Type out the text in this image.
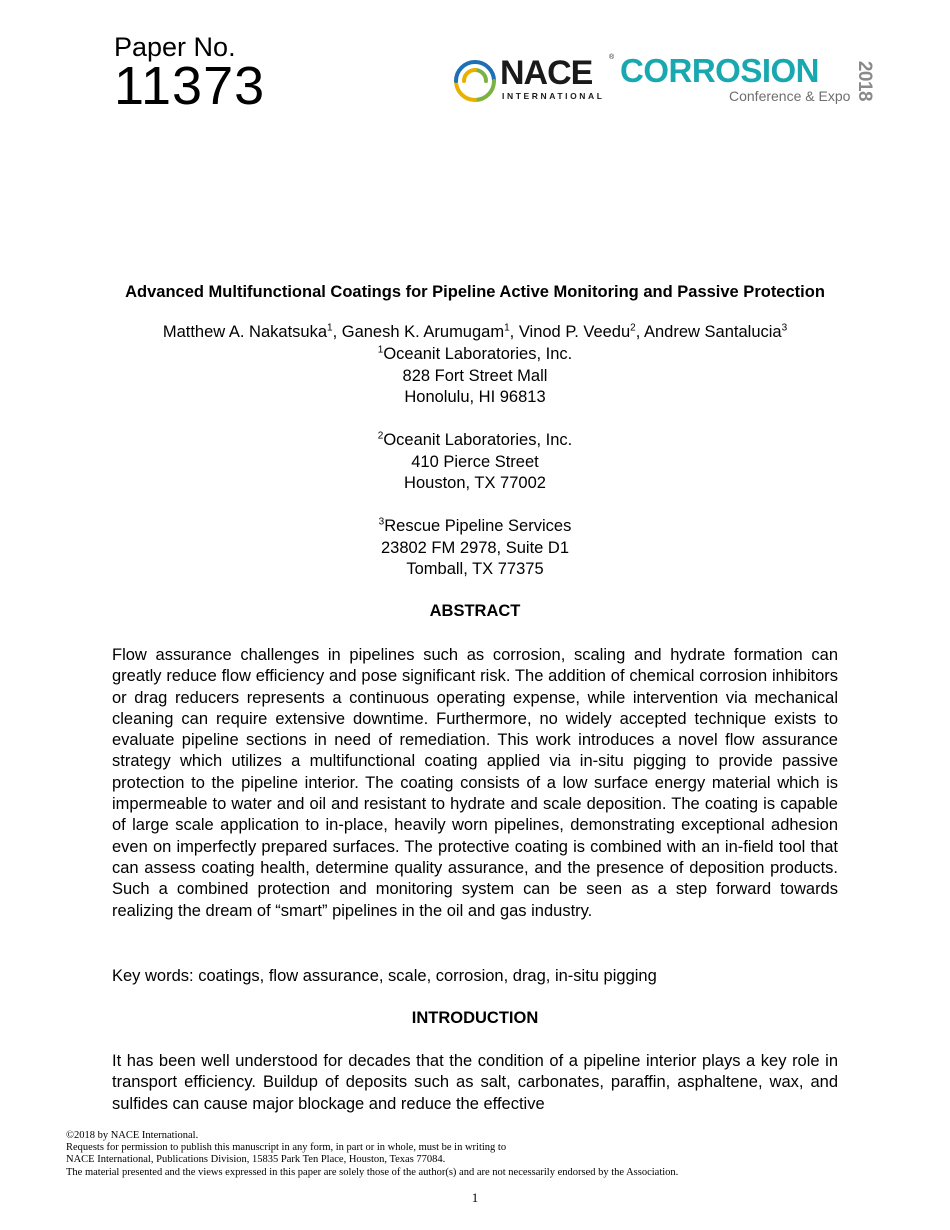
Paper No.
11373	NACE ®
INTERNATIONAL
CORROSION
Conference & Expo 2018
Advanced Multifunctional Coatings for Pipeline Active Monitoring and Passive Protection
Matthew A. Nakatsuka$^1$, Ganesh K. Arumugam$^1$, Vinod P. Veedu$^2$, Andrew Santalucia$^3$
$^1$Oceanit Laboratories, Inc.
828 Fort Street Mall
Honolulu, HI 96813
$^2$Oceanit Laboratories, Inc.
410 Pierce Street
Houston, TX 77002
$^3$Rescue Pipeline Services
23802 FM 2978, Suite D1
Tomball, TX 77375
ABSTRACT
Flow assurance challenges in pipelines such as corrosion, scaling and hydrate formation can greatly reduce flow efficiency and pose significant risk. The addition of chemical corrosion inhibitors or drag reducers represents a continuous operating expense, while intervention via mechanical cleaning can require extensive downtime. Furthermore, no widely accepted technique exists to evaluate pipeline sections in need of remediation. This work introduces a novel flow assurance strategy which utilizes a multifunctional coating applied via in-situ pigging to provide passive protection to the pipeline interior. The coating consists of a low surface energy material which is impermeable to water and oil and resistant to hydrate and scale deposition. The coating is capable of large scale application to in-place, heavily worn pipelines, demonstrating exceptional adhesion even on imperfectly prepared surfaces. The protective coating is combined with an in-field tool that can assess coating health, determine quality assurance, and the presence of deposition products. Such a combined protection and monitoring system can be seen as a step forward towards realizing the dream of “smart” pipelines in the oil and gas industry.
Key words: coatings, flow assurance, scale, corrosion, drag, in-situ pigging
INTRODUCTION
It has been well understood for decades that the condition of a pipeline interior plays a key role in transport efficiency. Buildup of deposits such as salt, carbonates, paraffin, asphaltene, wax, and sulfides can cause major blockage and reduce the effective
©2018 by NACE International.
Requests for permission to publish this manuscript in any form, in part or in whole, must be in writing to
NACE International, Publications Division, 15835 Park Ten Place, Houston, Texas 77084.
The material presented and the views expressed in this paper are solely those of the author(s) and are not necessarily endorsed by the Association.
1
